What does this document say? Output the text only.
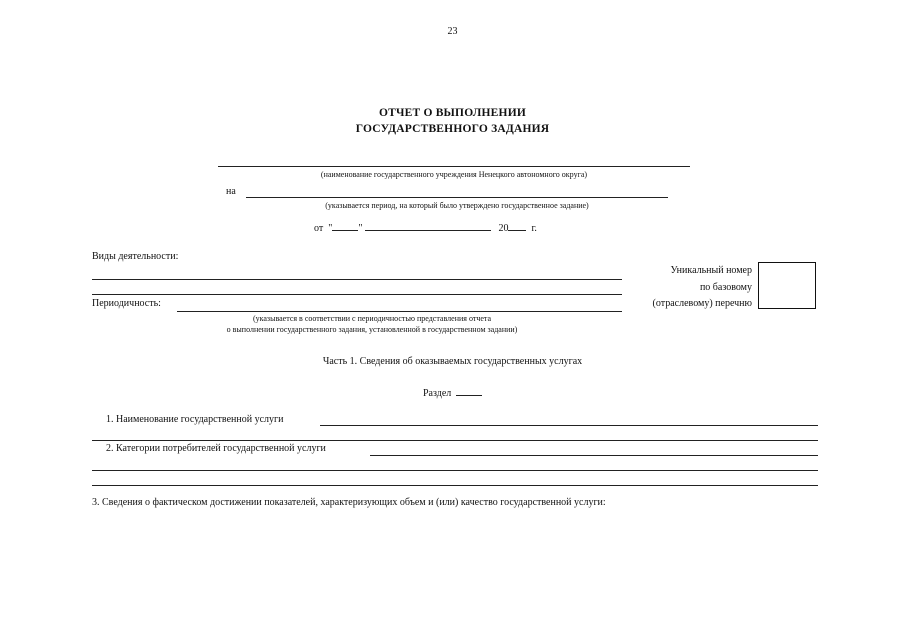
23
ОТЧЕТ О ВЫПОЛНЕНИИ
ГОСУДАРСТВЕННОГО ЗАДАНИЯ
(наименование государственного учреждения Ненецкого автономного округа)
на
(указывается период, на который было утверждено государственное задание)
от "	"	20 г.
Виды деятельности:
Уникальный номер
по базовому
(отраслевому) перечню
Периодичность:
(указывается в соответствии с периодичностью представления отчета
о выполнении государственного задания, установленной в государственном задании)
Часть 1. Сведения об оказываемых государственных услугах
Раздел
1. Наименование государственной услуги
2. Категории потребителей государственной услуги
3. Сведения о фактическом достижении показателей, характеризующих объем и (или) качество государственной услуги:
